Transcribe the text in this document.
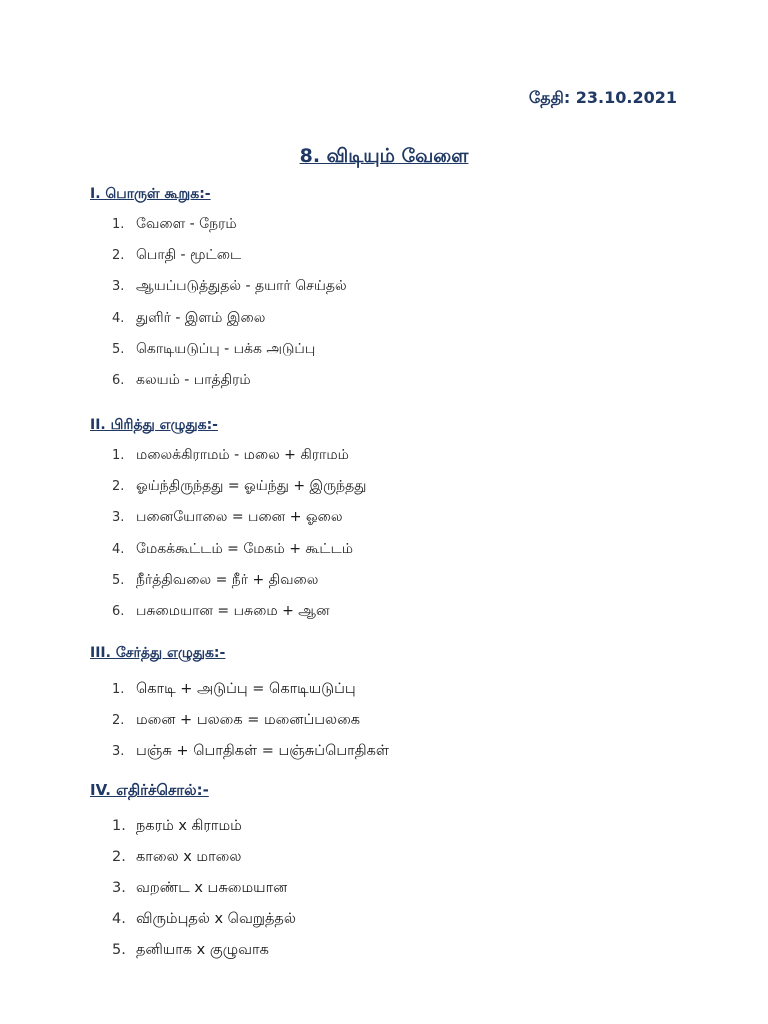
தேதி: 23.10.2021
8. விடியும் வேளை
I. பொருள் கூறுக:-
1. வேளை - நேரம்
2. பொதி - மூட்டை
3. ஆயப்படுத்துதல் - தயார் செய்தல்
4. துளிர் - இளம் இலை
5. கொடியடுப்பு - பக்க அடுப்பு
6. கலயம் - பாத்திரம்
II. பிரித்து எழுதுக:-
1. மலைக்கிராமம் - மலை + கிராமம்
2. ஓய்ந்திருந்தது = ஓய்ந்து + இருந்தது
3. பனையோலை = பனை + ஓலை
4. மேகக்கூட்டம் = மேகம் + கூட்டம்
5. நீர்த்திவலை = நீர் + திவலை
6. பசுமையான = பசுமை + ஆன
III. சேர்த்து எழுதுக:-
1. கொடி + அடுப்பு = கொடியடுப்பு
2. மனை + பலகை = மனைப்பலகை
3. பஞ்சு + பொதிகள் = பஞ்சுப்பொதிகள்
IV. எதிர்ச்சொல்:-
1. நகரம் x கிராமம்
2. காலை x மாலை
3. வறண்ட x பசுமையான
4. விரும்புதல் x வெறுத்தல்
5. தனியாக x குழுவாக
